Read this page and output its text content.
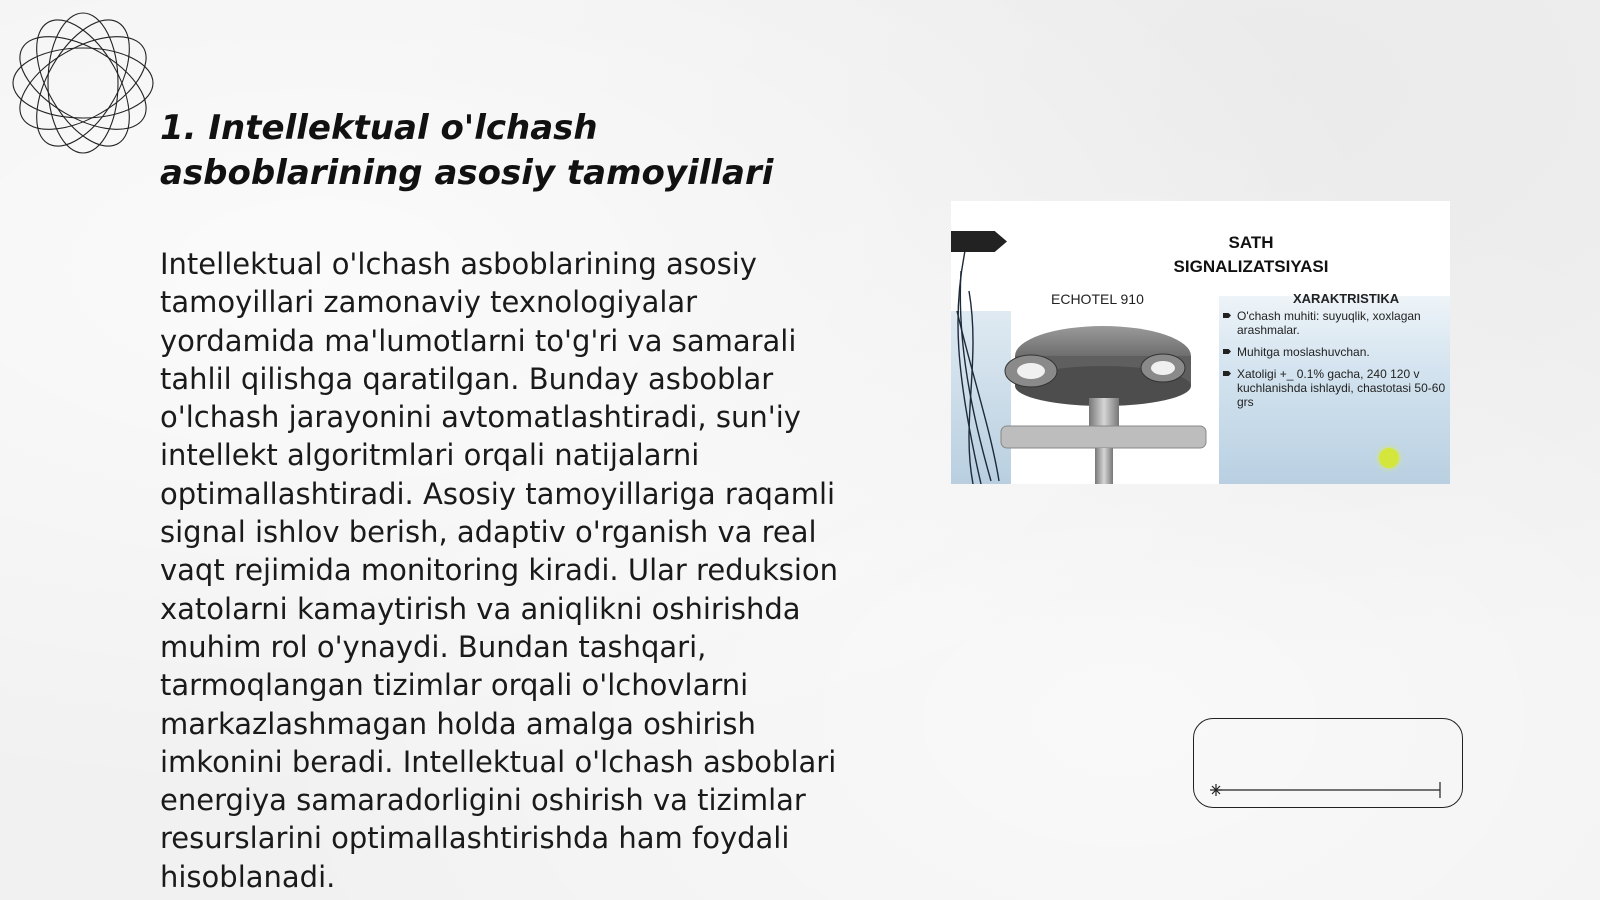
1. Intellektual o'lchash asboblarining asosiy tamoyillari
Intellektual o'lchash asboblarining asosiy tamoyillari zamonaviy texnologiyalar yordamida ma'lumotlarni to'g'ri va samarali tahlil qilishga qaratilgan. Bunday asboblar o'lchash jarayonini avtomatlashtiradi, sun'iy intellekt algoritmlari orqali natijalarni optimallashtiradi. Asosiy tamoyillariga raqamli signal ishlov berish, adaptiv o'rganish va real vaqt rejimida monitoring kiradi. Ular reduksion xatolarni kamaytirish va aniqlikni oshirishda muhim rol o'ynaydi. Bundan tashqari, tarmoqlangan tizimlar orqali o'lchovlarni markazlashmagan holda amalga oshirish imkonini beradi. Intellektual o'lchash asboblari energiya samaradorligini oshirish va tizimlar resurslarini optimallashtirishda ham foydali hisoblanadi.
SATH
SIGNALIZATSIYASI
ECHOTEL 910	XARAKTRISTIKA
O'chash muhiti: suyuqlik, xoxlagan arashmalar.
Muhitga moslashuvchan.
Xatoligi +_ 0.1% gacha, 240 120 v kuchlanishda ishlaydi, chastotasi 50-60 grs
